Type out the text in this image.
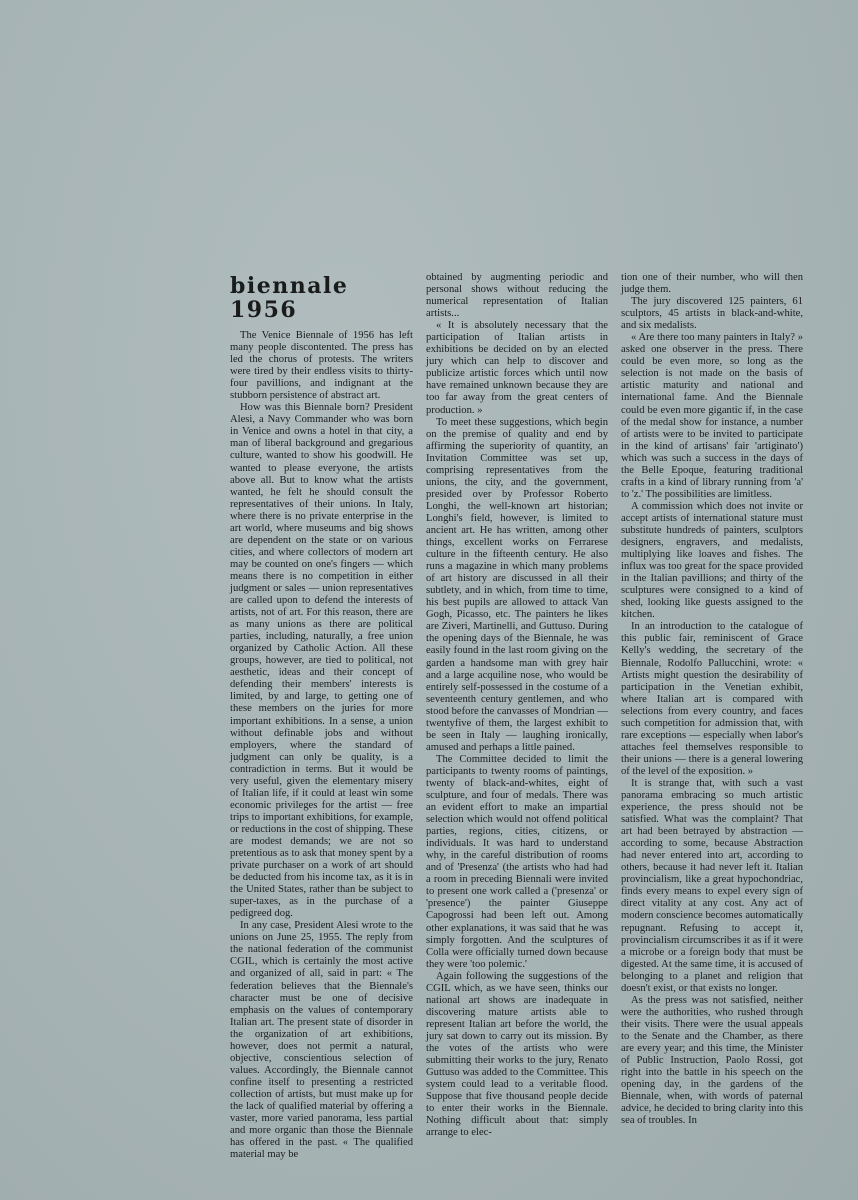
biennale 1956

The Venice Biennale of 1956 has left many people discontented. The press has led the chorus of protests. The writers were tired by their endless visits to thirty-four pavillions, and indignant at the stubborn persistence of abstract art.

How was this Biennale born? President Alesi, a Navy Commander who was born in Venice and owns a hotel in that city, a man of liberal background and gregarious culture, wanted to show his goodwill. He wanted to please everyone, the artists above all. But to know what the artists wanted, he felt he should consult the representatives of their unions. In Italy, where there is no private enterprise in the art world, where museums and big shows are dependent on the state or on various cities, and where collectors of modern art may be counted on one's fingers — which means there is no competition in either judgment or sales — union representatives are called upon to defend the interests of artists, not of art. For this reason, there are as many unions as there are political parties, including, naturally, a free union organized by Catholic Action. All these groups, however, are tied to political, not aesthetic, ideas and their concept of defending their members' interests is limited, by and large, to getting one of these members on the juries for more important exhibitions. In a sense, a union without definable jobs and without employers, where the standard of judgment can only be quality, is a contradiction in terms. But it would be very useful, given the elementary misery of Italian life, if it could at least win some economic privileges for the artist — free trips to important exhibitions, for example, or reductions in the cost of shipping. These are modest demands; we are not so pretentious as to ask that money spent by a private purchaser on a work of art should be deducted from his income tax, as it is in the United States, rather than be subject to super-taxes, as in the purchase of a pedigreed dog.

In any case, President Alesi wrote to the unions on June 25, 1955. The reply from the national federation of the communist CGIL, which is certainly the most active and organized of all, said in part: « The federation believes that the Biennale's character must be one of decisive emphasis on the values of contemporary Italian art. The present state of disorder in the organization of art exhibitions, however, does not permit a natural, objective, conscientious selection of values. Accordingly, the Biennale cannot confine itself to presenting a restricted collection of artists, but must make up for the lack of qualified material by offering a vaster, more varied panorama, less partial and more organic than those the Biennale has offered in the past. « The qualified material may be

obtained by augmenting periodic and personal shows without reducing the numerical representation of Italian artists...

« It is absolutely necessary that the participation of Italian artists in exhibitions be decided on by an elected jury which can help to discover and publicize artistic forces which until now have remained unknown because they are too far away from the great centers of production. »

To meet these suggestions, which begin on the premise of quality and end by affirming the superiority of quantity, an Invitation Committee was set up, comprising representatives from the unions, the city, and the government, presided over by Professor Roberto Longhi, the well-known art historian; Longhi's field, however, is limited to ancient art. He has written, among other things, excellent works on Ferrarese culture in the fifteenth century. He also runs a magazine in which many problems of art history are discussed in all their subtlety, and in which, from time to time, his best pupils are allowed to attack Van Gogh, Picasso, etc. The painters he likes are Ziveri, Martinelli, and Guttuso. During the opening days of the Biennale, he was easily found in the last room giving on the garden a handsome man with grey hair and a large acquiline nose, who would be entirely self-possessed in the costume of a seventeenth century gentlemen, and who stood before the canvasses of Mondrian — twentyfive of them, the largest exhibit to be seen in Italy — laughing ironically, amused and perhaps a little pained.

The Committee decided to limit the participants to twenty rooms of paintings, twenty of black-and-whites, eight of sculpture, and four of medals. There was an evident effort to make an impartial selection which would not offend political parties, regions, cities, citizens, or individuals. It was hard to understand why, in the careful distribution of rooms and of 'Presenza' (the artists who had had a room in preceding Biennali were invited to present one work called a ('presenza' or 'presence') the painter Giuseppe Capogrossi had been left out. Among other explanations, it was said that he was simply forgotten. And the sculptures of Colla were officially turned down because they were 'too polemic.'

Again following the suggestions of the CGIL which, as we have seen, thinks our national art shows are inadequate in discovering mature artists able to represent Italian art before the world, the jury sat down to carry out its mission. By the votes of the artists who were submitting their works to the jury, Renato Guttuso was added to the Committee. This system could lead to a veritable flood. Suppose that five thousand people decide to enter their works in the Biennale. Nothing difficult about that: simply arrange to elec-

tion one of their number, who will then judge them.

The jury discovered 125 painters, 61 sculptors, 45 artists in black-and-white, and six medalists.

« Are there too many painters in Italy? » asked one observer in the press. There could be even more, so long as the selection is not made on the basis of artistic maturity and national and international fame. And the Biennale could be even more gigantic if, in the case of the medal show for instance, a number of artists were to be invited to participate in the kind of artisans' fair 'artiginato') which was such a success in the days of the Belle Epoque, featuring traditional crafts in a kind of library running from 'a' to 'z.' The possibilities are limitless.

A commission which does not invite or accept artists of international stature must substitute hundreds of painters, sculptors designers, engravers, and medalists, multiplying like loaves and fishes. The influx was too great for the space provided in the Italian pavillions; and thirty of the sculptures were consigned to a kind of shed, looking like guests assigned to the kitchen.

In an introduction to the catalogue of this public fair, reminiscent of Grace Kelly's wedding, the secretary of the Biennale, Rodolfo Pallucchini, wrote: « Artists might question the desirability of participation in the Venetian exhibit, where Italian art is compared with selections from every country, and faces such competition for admission that, with rare exceptions — especially when labor's attaches feel themselves responsible to their unions — there is a general lowering of the level of the exposition. »

It is strange that, with such a vast panorama embracing so much artistic experience, the press should not be satisfied. What was the complaint? That art had been betrayed by abstraction — according to some, because Abstraction had never entered into art, according to others, because it had never left it. Italian provincialism, like a great hypochondriac, finds every means to expel every sign of direct vitality at any cost. Any act of modern conscience becomes automatically repugnant. Refusing to accept it, provincialism circumscribes it as if it were a microbe or a foreign body that must be digested. At the same time, it is accused of belonging to a planet and religion that doesn't exist, or that exists no longer.

As the press was not satisfied, neither were the authorities, who rushed through their visits. There were the usual appeals to the Senate and the Chamber, as there are every year; and this time, the Minister of Public Instruction, Paolo Rossi, got right into the battle in his speech on the opening day, in the gardens of the Biennale, when, with words of paternal advice, he decided to bring clarity into this sea of troubles. In
